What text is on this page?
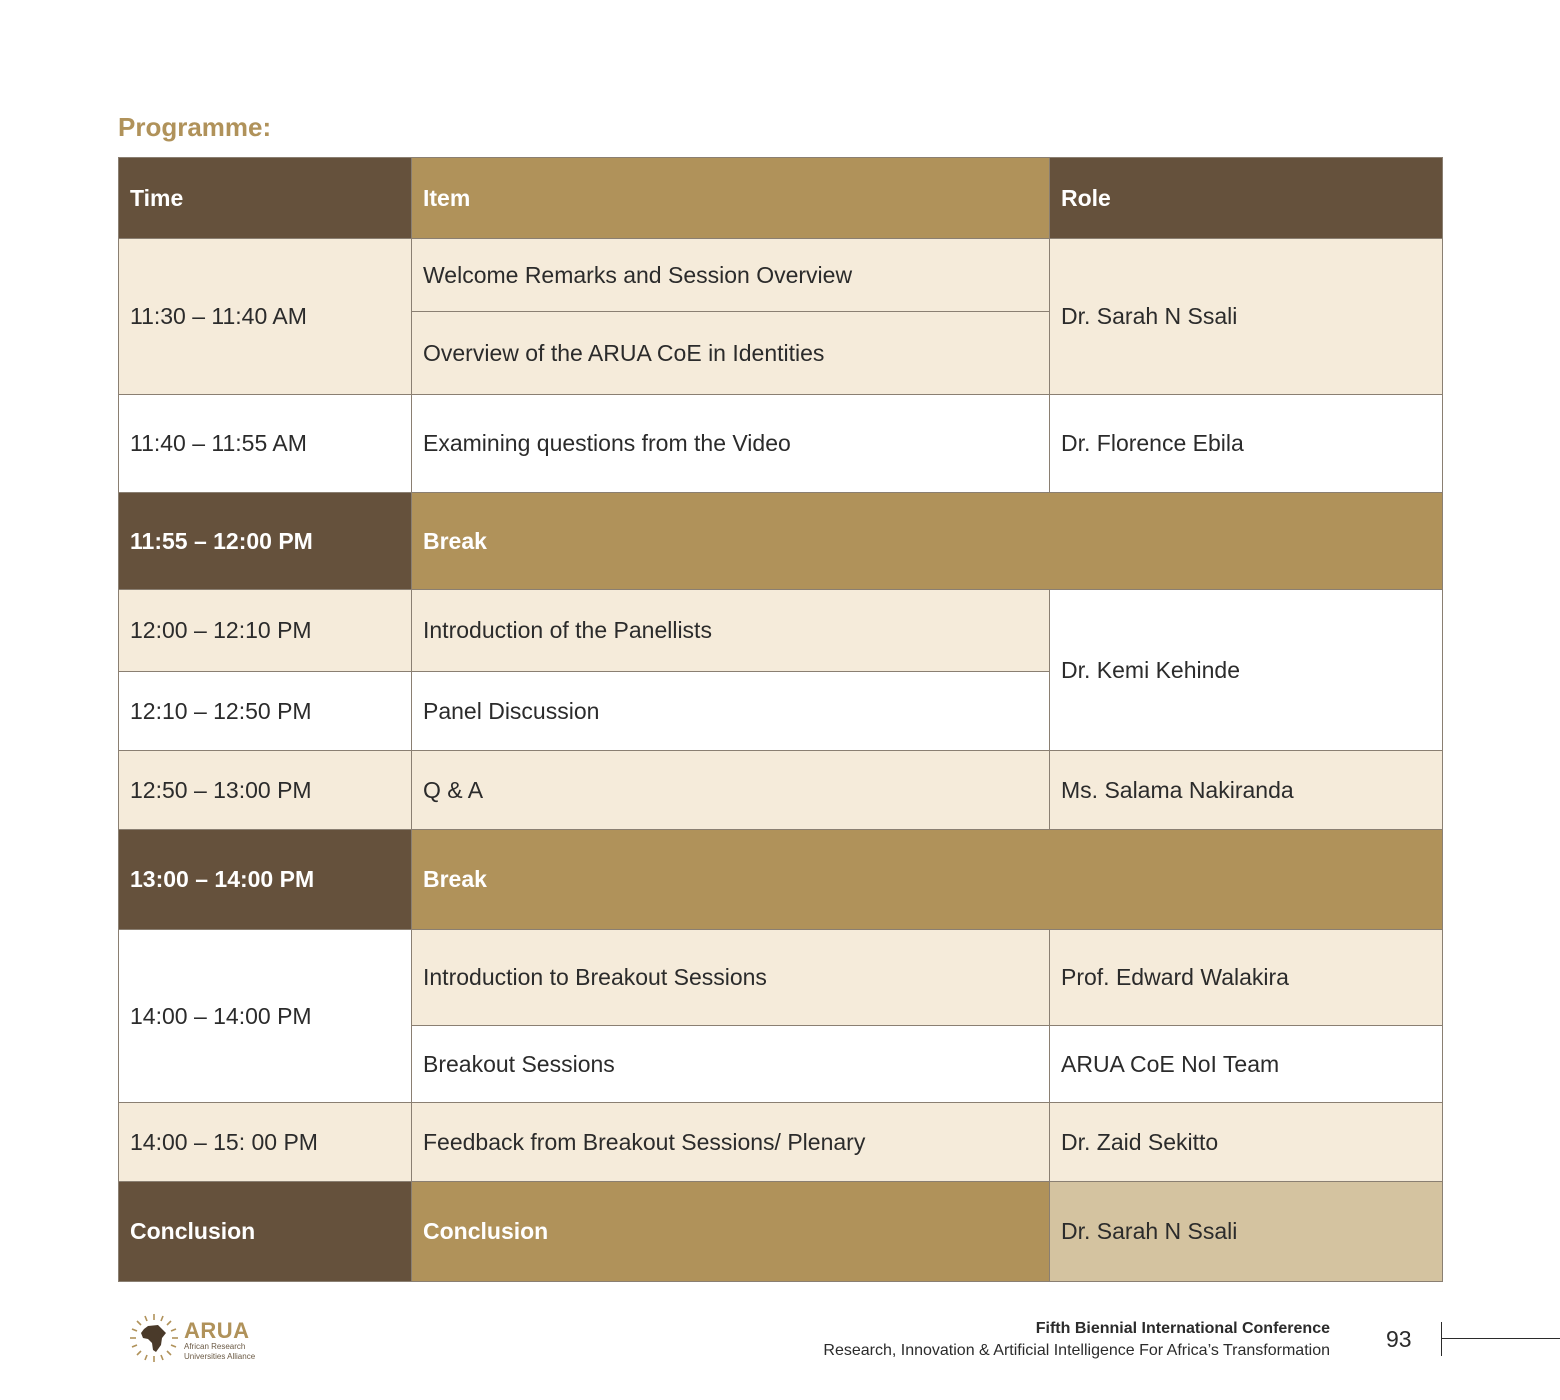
Programme:
Time	Item	Role
11:30 – 11:40 AM	Welcome Remarks and Session Overview	Dr. Sarah N Ssali
	Overview of the ARUA CoE in Identities	
11:40 – 11:55 AM	Examining questions from the Video	Dr. Florence Ebila
11:55 – 12:00 PM	Break	
12:00 – 12:10 PM	Introduction of the Panellists	Dr. Kemi Kehinde
12:10 – 12:50 PM	Panel Discussion	
12:50 – 13:00 PM	Q & A	Ms. Salama Nakiranda
13:00 – 14:00 PM	Break	
14:00 – 14:00 PM	Introduction to Breakout Sessions	Prof. Edward Walakira
	Breakout Sessions	ARUA CoE NoI Team
14:00 – 15: 00 PM	Feedback from Breakout Sessions/ Plenary	Dr. Zaid Sekitto
Conclusion	Conclusion	Dr. Sarah N Ssali
ARUA
African Research
Universities Alliance
Fifth Biennial International Conference
Research, Innovation & Artificial Intelligence For Africa’s Transformation 93
